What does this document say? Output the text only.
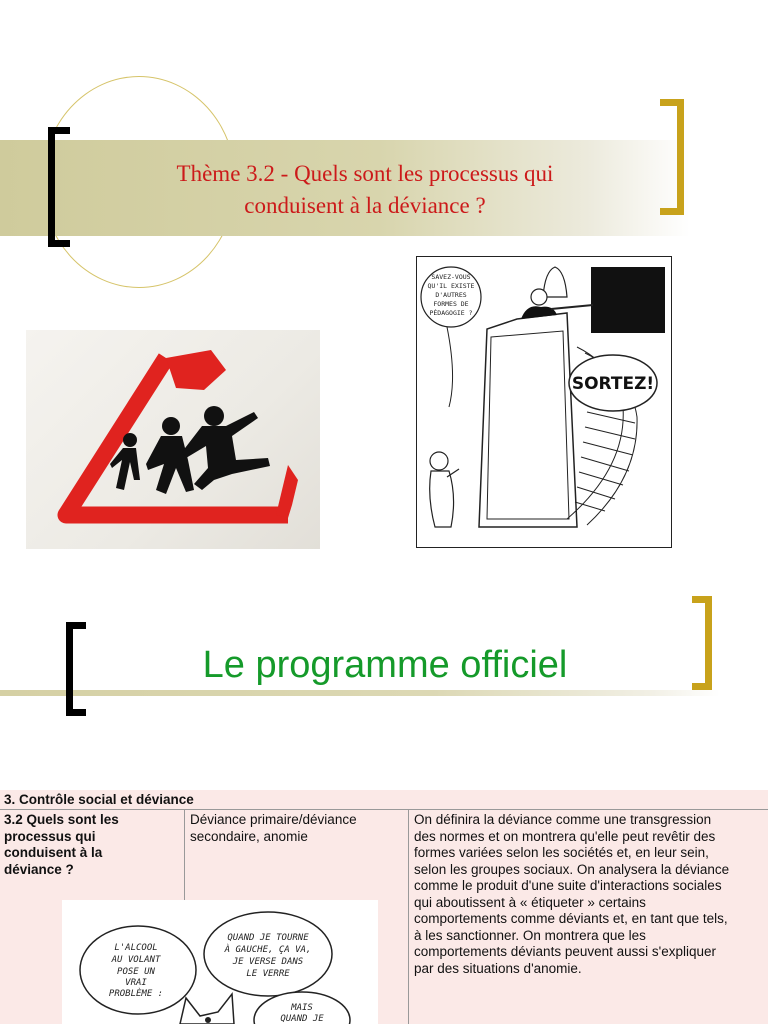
Thème 3.2 - Quels sont les processus qui
conduisent à la déviance ?
SAVEZ-VOUS
QU'IL EXISTE
D'AUTRES
FORMES DE
PÉDAGOGIE ?
SORTEZ!
Le programme officiel
3. Contrôle social et déviance
3.2 Quels sont les
processus qui
conduisent à la
déviance ?
Déviance primaire/déviance
secondaire, anomie
On définira la déviance comme une transgression
des normes et on montrera qu'elle peut revêtir des
formes variées selon les sociétés et, en leur sein,
selon les groupes sociaux. On analysera la déviance
comme le produit d'une suite d'interactions sociales
qui aboutissent à « étiqueter » certains
comportements comme déviants et, en tant que tels,
à les sanctionner. On montrera que les
comportements déviants peuvent aussi s'expliquer
par des situations d'anomie.
L'ALCOOL
AU VOLANT
POSE UN
VRAI
PROBLÈME :
QUAND JE TOURNE
À GAUCHE, ÇA VA,
JE VERSE DANS
LE VERRE
MAIS
QUAND JE
